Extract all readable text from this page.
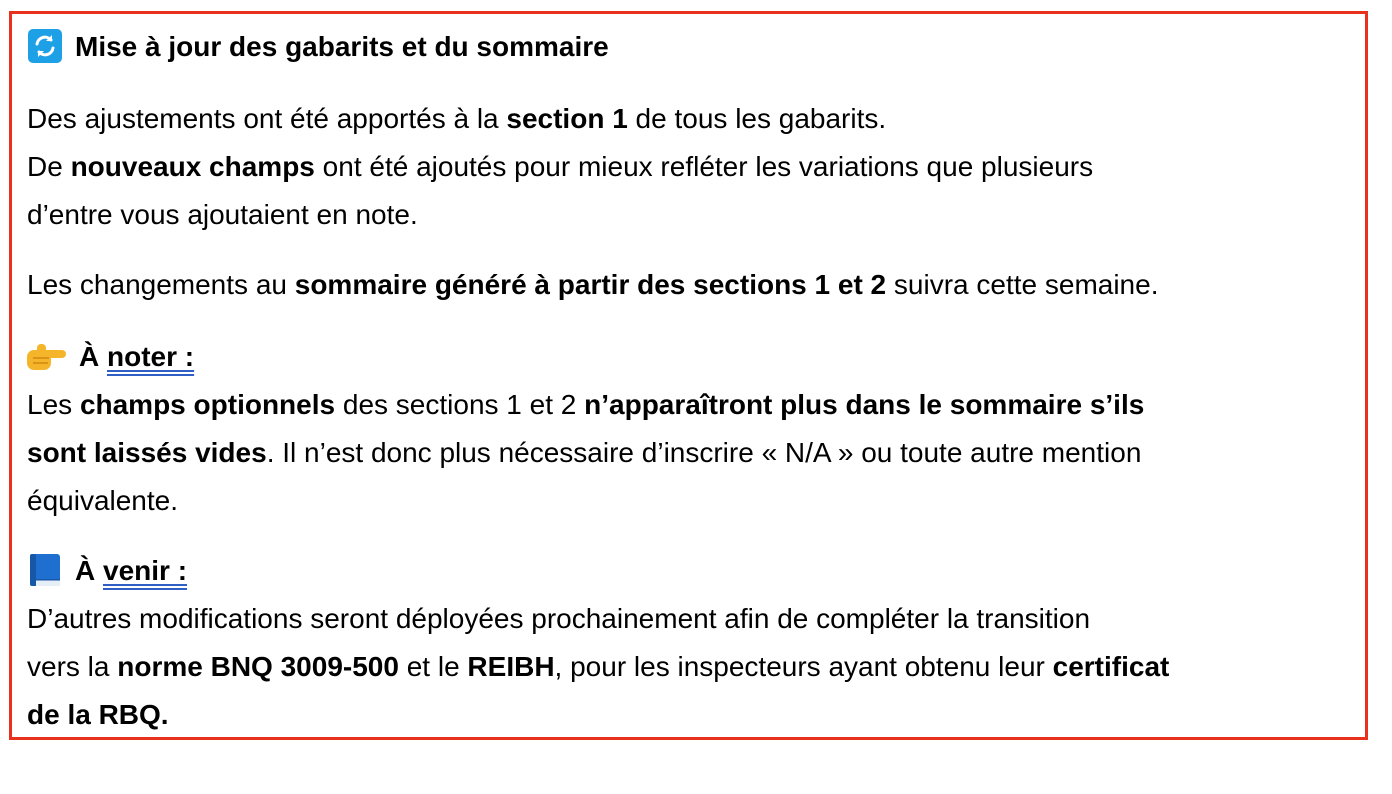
Mise à jour des gabarits et du sommaire
Des ajustements ont été apportés à la section 1 de tous les gabarits.
De nouveaux champs ont été ajoutés pour mieux refléter les variations que plusieurs
d’entre vous ajoutaient en note.
Les changements au sommaire généré à partir des sections 1 et 2 suivra cette semaine.
À noter :
Les champs optionnels des sections 1 et 2 n’apparaîtront plus dans le sommaire s’ils
sont laissés vides. Il n’est donc plus nécessaire d’inscrire « N/A » ou toute autre mention
équivalente.
À venir :
D’autres modifications seront déployées prochainement afin de compléter la transition
vers la norme BNQ 3009-500 et le REIBH, pour les inspecteurs ayant obtenu leur certificat
de la RBQ.
